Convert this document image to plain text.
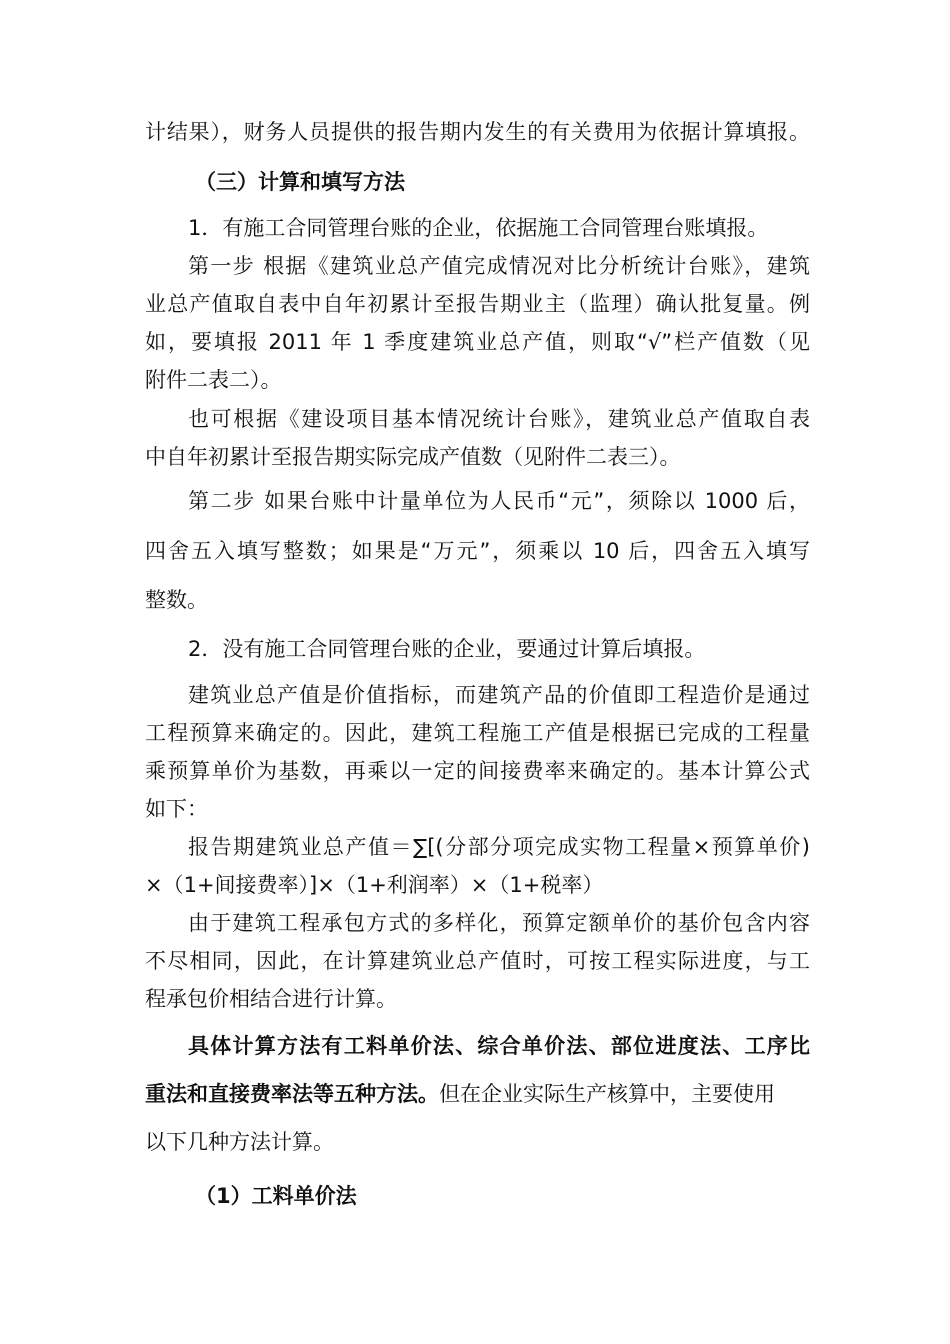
计结果），财务人员提供的报告期内发生的有关费用为依据计算填报。
（三）计算和填写方法
1．有施工合同管理台账的企业，依据施工合同管理台账填报。
第一步 根据《建筑业总产值完成情况对比分析统计台账》，建筑
业总产值取自表中自年初累计至报告期业主（监理）确认批复量。例
如，要填报 2011 年 1 季度建筑业总产值，则取“√”栏产值数（见
附件二表二）。
也可根据《建设项目基本情况统计台账》，建筑业总产值取自表
中自年初累计至报告期实际完成产值数（见附件二表三）。
第二步 如果台账中计量单位为人民币“元”，须除以 1000 后，
四舍五入填写整数；如果是“万元”，须乘以 10 后，四舍五入填写
整数。
2．没有施工合同管理台账的企业，要通过计算后填报。
建筑业总产值是价值指标，而建筑产品的价值即工程造价是通过
工程预算来确定的。因此，建筑工程施工产值是根据已完成的工程量
乘预算单价为基数，再乘以一定的间接费率来确定的。基本计算公式
如下：
报告期建筑业总产值＝∑[(分部分项完成实物工程量×预算单价)
×（1+间接费率）]×（1+利润率）×（1+税率）
由于建筑工程承包方式的多样化，预算定额单价的基价包含内容
不尽相同，因此，在计算建筑业总产值时，可按工程实际进度，与工
程承包价相结合进行计算。
具体计算方法有工料单价法、综合单价法、部位进度法、工序比
重法和直接费率法等五种方法。但在企业实际生产核算中，主要使用
以下几种方法计算。
（1）工料单价法
